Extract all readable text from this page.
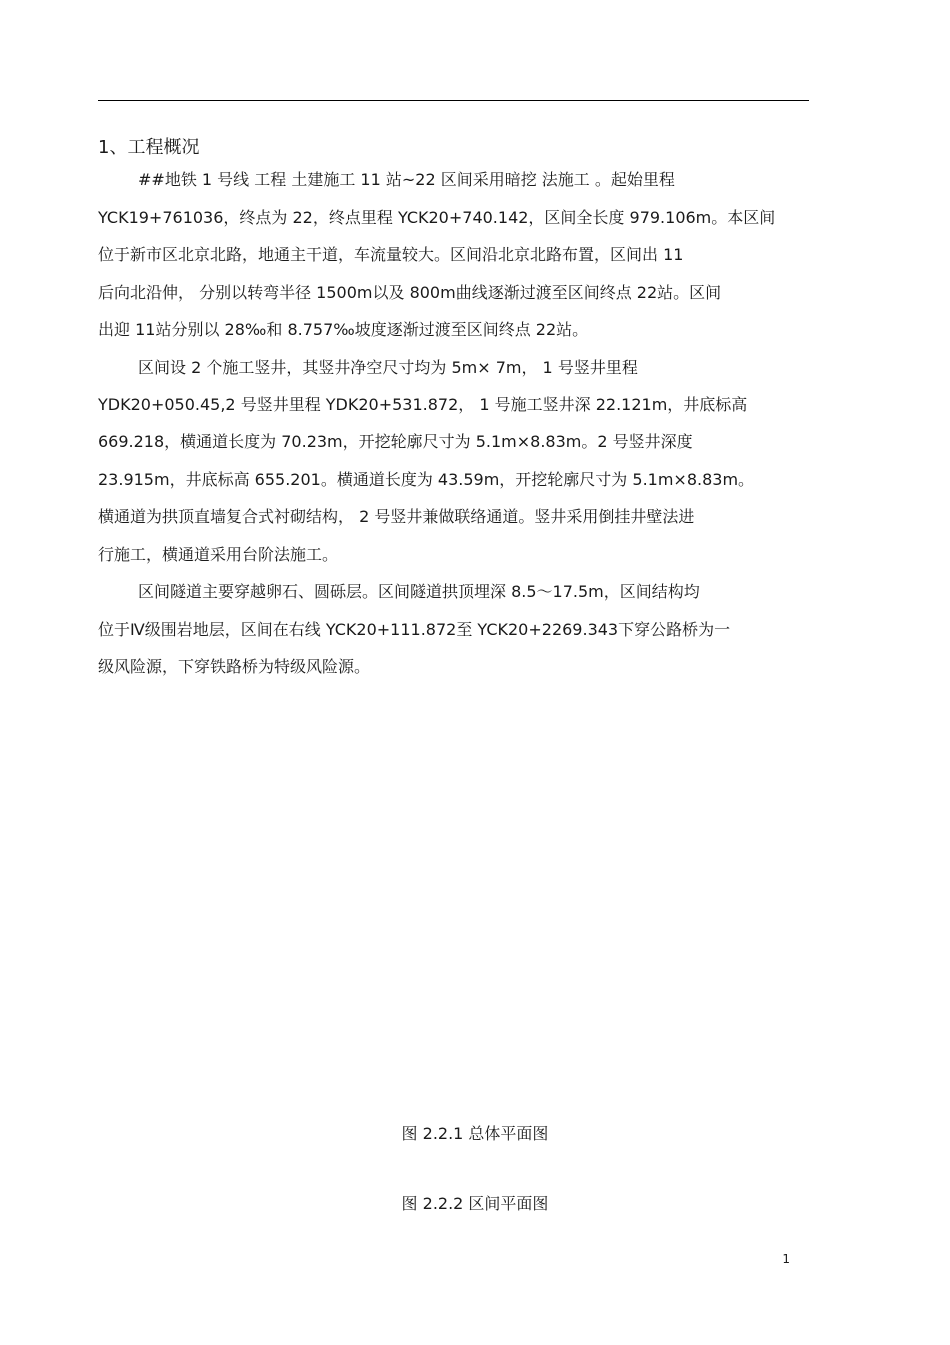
1、工程概况
##地铁 1 号线 工程 土建施工 11 站~22 区间采用暗挖 法施工 。起始里程
YCK19+761036，终点为 22，终点里程 YCK20+740.142，区间全长度 979.106m。本区间
位于新市区北京北路，地通主干道，车流量较大。区间沿北京北路布置，区间出 11
后向北沿伸， 分别以转弯半径 1500m以及 800m曲线逐渐过渡至区间终点 22站。区间
出迎 11站分别以 28‰和 8.757‰坡度逐渐过渡至区间终点 22站。
区间设 2 个施工竖井，其竖井净空尺寸均为 5m× 7m， 1 号竖井里程
YDK20+050.45,2 号竖井里程 YDK20+531.872， 1 号施工竖井深 22.121m，井底标高
669.218，横通道长度为 70.23m，开挖轮廓尺寸为 5.1m×8.83m。2 号竖井深度
23.915m，井底标高 655.201。横通道长度为 43.59m，开挖轮廓尺寸为 5.1m×8.83m。
横通道为拱顶直墙复合式衬砌结构， 2 号竖井兼做联络通道。竖井采用倒挂井壁法进
行施工，横通道采用台阶法施工。
区间隧道主要穿越卵石、圆砾层。区间隧道拱顶埋深 8.5～17.5m，区间结构均
位于Ⅳ级围岩地层，区间在右线 YCK20+111.872至 YCK20+2269.343下穿公路桥为一
级风险源，下穿铁路桥为特级风险源。
图 2.2.1 总体平面图
图 2.2.2 区间平面图
1
